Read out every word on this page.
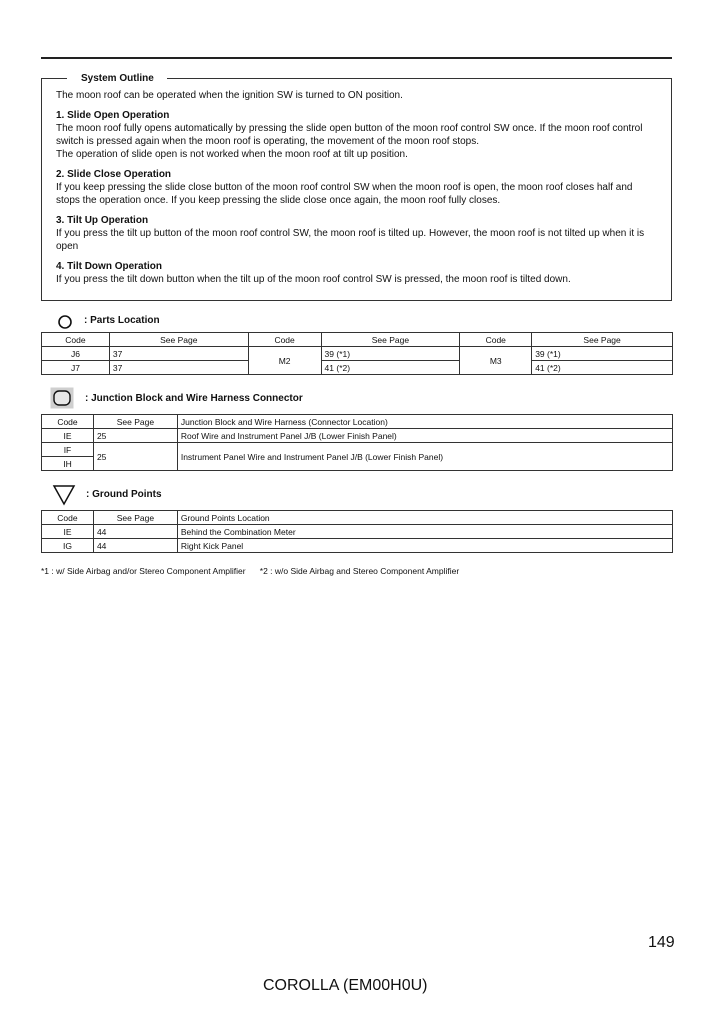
System Outline

The moon roof can be operated when the ignition SW is turned to ON position.

1. Slide Open Operation

The moon roof fully opens automatically by pressing the slide open button of the moon roof control SW once. If the moon roof control switch is pressed again when the moon roof is operating, the movement of the moon roof stops.

The operation of slide open is not worked when the moon roof at tilt up position.

2. Slide Close Operation

If you keep pressing the slide close button of the moon roof control SW when the moon roof is open, the moon roof closes half and stops the operation once. If you keep pressing the slide close once again, the moon roof fully closes.

3. Tilt Up Operation

If you press the tilt up button of the moon roof control SW, the moon roof is tilted up. However, the moon roof is not tilted up when it is open

4. Tilt Down Operation

If you press the tilt down button when the tilt up of the moon roof control SW is pressed, the moon roof is tilted down.

: Parts Location
Code	See Page	Code	See Page	Code	See Page
J6	37	M2	39 (*1)	M3	39 (*1)
J7	37		41 (*2)		41 (*2)
: Junction Block and Wire Harness Connector
Code	See Page	Junction Block and Wire Harness (Connector Location)
IE	25	Roof Wire and Instrument Panel J/B (Lower Finish Panel)
IF	25	Instrument Panel Wire and Instrument Panel J/B (Lower Finish Panel)
IH		
: Ground Points
Code	See Page	Ground Points Location
IE	44	Behind the Combination Meter
IG	44	Right Kick Panel
*1 : w/ Side Airbag and/or Stereo Component Amplifier *2 : w/o Side Airbag and Stereo Component Amplifier
149
COROLLA (EM00H0U)
